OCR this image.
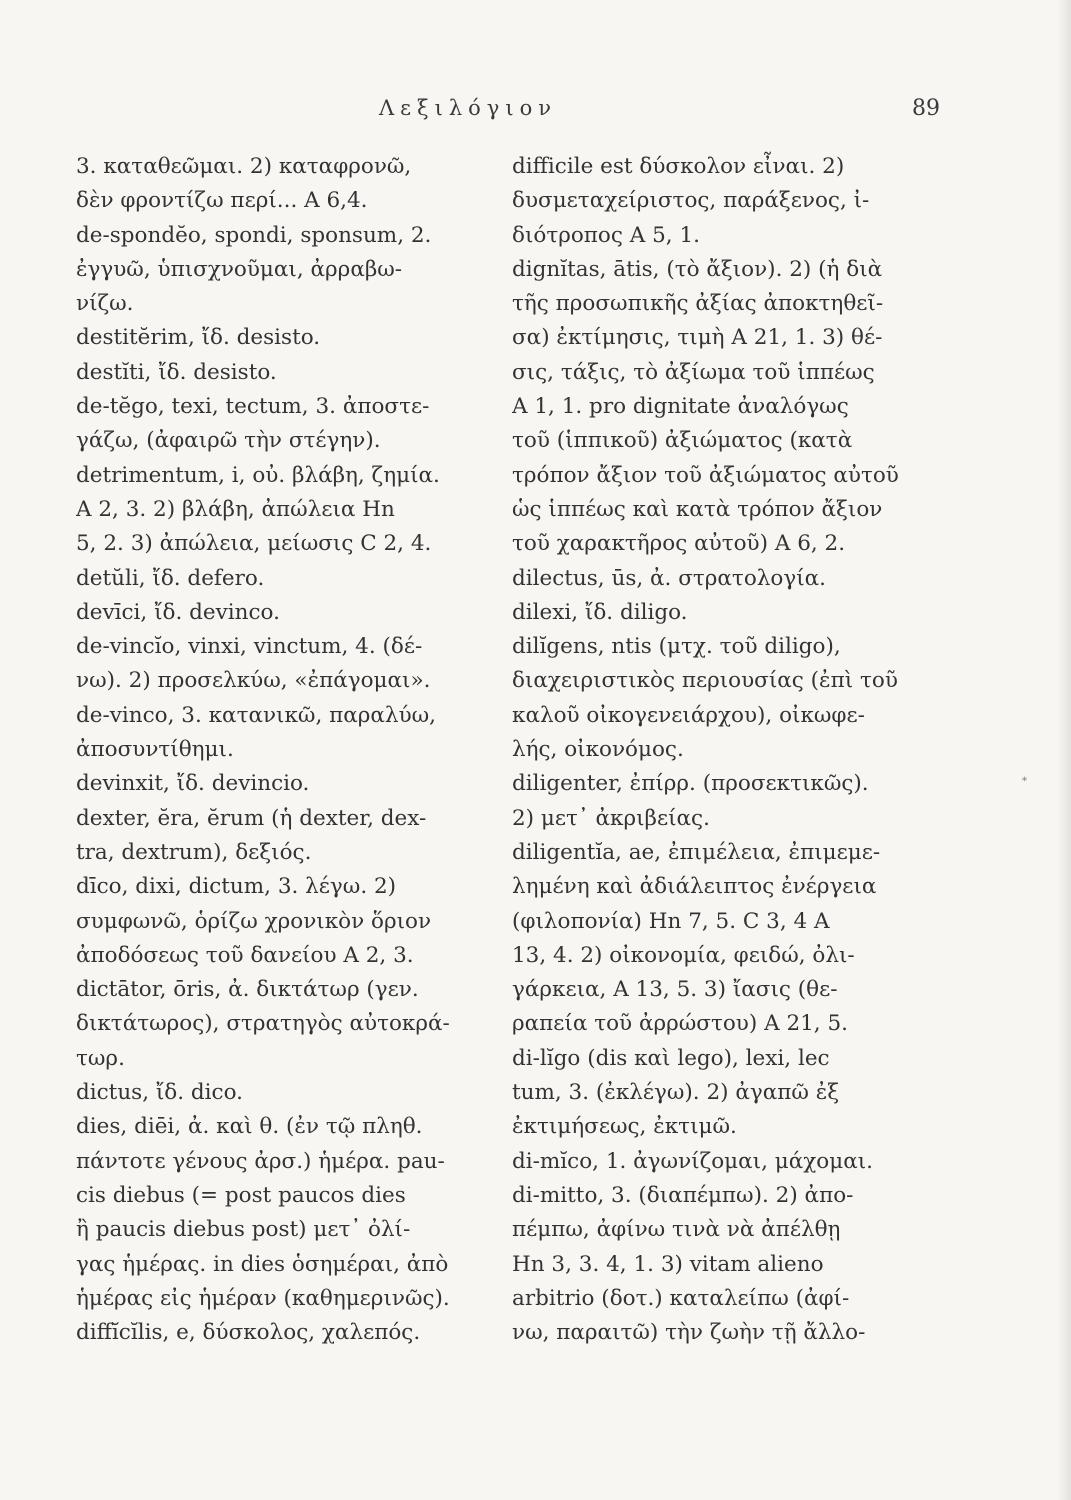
Λεξιλόγιον	89
3. καταθεῶμαι. 2) καταφρονῶ,
δὲν φροντίζω περί... A 6,4.
de-spondĕo, spondi, sponsum, 2.
ἐγγυῶ, ὑπισχνοῦμαι, ἀρραβω-
νίζω.
destitĕrim, ἴδ. desisto.
destĭti, ἴδ. desisto.
de-tĕgo, texi, tectum, 3. ἀποστε-
γάζω, (ἀφαιρῶ τὴν στέγην).
detrimentum, i, οὐ. βλάβη, ζημία.
A 2, 3. 2) βλάβη, ἀπώλεια Hn
5, 2. 3) ἀπώλεια, μείωσις C 2, 4.
detŭli, ἴδ. defero.
devīci, ἴδ. devinco.
de-vincĭo, vinxi, vinctum, 4. (δέ-
νω). 2) προσελκύω, «ἐπάγομαι».
de-vinco, 3. κατανικῶ, παραλύω,
ἀποσυντίθημι.
devinxit, ἴδ. devincio.
dexter, ĕra, ĕrum (ἡ dexter, dex-
tra, dextrum), δεξιός.
dīco, dixi, dictum, 3. λέγω. 2)
συμφωνῶ, ὁρίζω χρονικὸν ὅριον
ἀποδόσεως τοῦ δανείου A 2, 3.
dictātor, ōris, ἀ. δικτάτωρ (γεν.
δικτάτωρος), στρατηγὸς αὐτοκρά-
τωρ.
dictus, ἴδ. dico.
dies, diēi, ἀ. καὶ θ. (ἐν τῷ πληθ.
πάντοτε γένους ἀρσ.) ἡμέρα. pau-
cis diebus (= post paucos dies
ἢ paucis diebus post) μετ᾽ ὀλί-
γας ἡμέρας. in dies ὁσημέραι, ἀπὸ
ἡμέρας εἰς ἡμέραν (καθημερινῶς).
diffĭcĭlis, e, δύσκολος, χαλεπός.
difficile est δύσκολον εἶναι. 2)
δυσμεταχείριστος, παράξενος, ἰ-
διότροπος A 5, 1.
dignĭtas, ātis, (τὸ ἄξιον). 2) (ἡ διὰ
τῆς προσωπικῆς ἀξίας ἀποκτηθεῖ-
σα) ἐκτίμησις, τιμὴ A 21, 1. 3) θέ-
σις, τάξις, τὸ ἀξίωμα τοῦ ἱππέως
A 1, 1. pro dignitate ἀναλόγως
τοῦ (ἱππικοῦ) ἀξιώματος (κατὰ
τρόπον ἄξιον τοῦ ἀξιώματος αὐτοῦ
ὡς ἱππέως καὶ κατὰ τρόπον ἄξιον
τοῦ χαρακτῆρος αὐτοῦ) A 6, 2.
dilectus, ūs, ἀ. στρατολογία.
dilexi, ἴδ. diligo.
dilĭgens, ntis (μτχ. τοῦ diligo),
διαχειριστικὸς περιουσίας (ἐπὶ τοῦ
καλοῦ οἰκογενειάρχου), οἰκωφε-
λής, οἰκονόμος.
diligenter, ἐπίρρ. (προσεκτικῶς).
2) μετ᾽ ἀκριβείας.
diligentĭa, ae, ἐπιμέλεια, ἐπιμεμε-
λημένη καὶ ἀδιάλειπτος ἐνέργεια
(φιλοπονία) Hn 7, 5. C 3, 4 A
13, 4. 2) οἰκονομία, φειδώ, ὀλι-
γάρκεια, A 13, 5. 3) ἴασις (θε-
ραπεία τοῦ ἀρρώστου) A 21, 5.
di-lĭgo (dis καὶ lego), lexi, lec
tum, 3. (ἐκλέγω). 2) ἀγαπῶ ἐξ
ἐκτιμήσεως, ἐκτιμῶ.
di-mĭco, 1. ἀγωνίζομαι, μάχομαι.
di-mitto, 3. (διαπέμπω). 2) ἀπο-
πέμπω, ἀφίνω τινὰ νὰ ἀπέλθῃ
Hn 3, 3. 4, 1. 3) vitam alieno
arbitrio (δοτ.) καταλείπω (ἀφί-
νω, παραιτῶ) τὴν ζωὴν τῇ ἄλλο-
*
